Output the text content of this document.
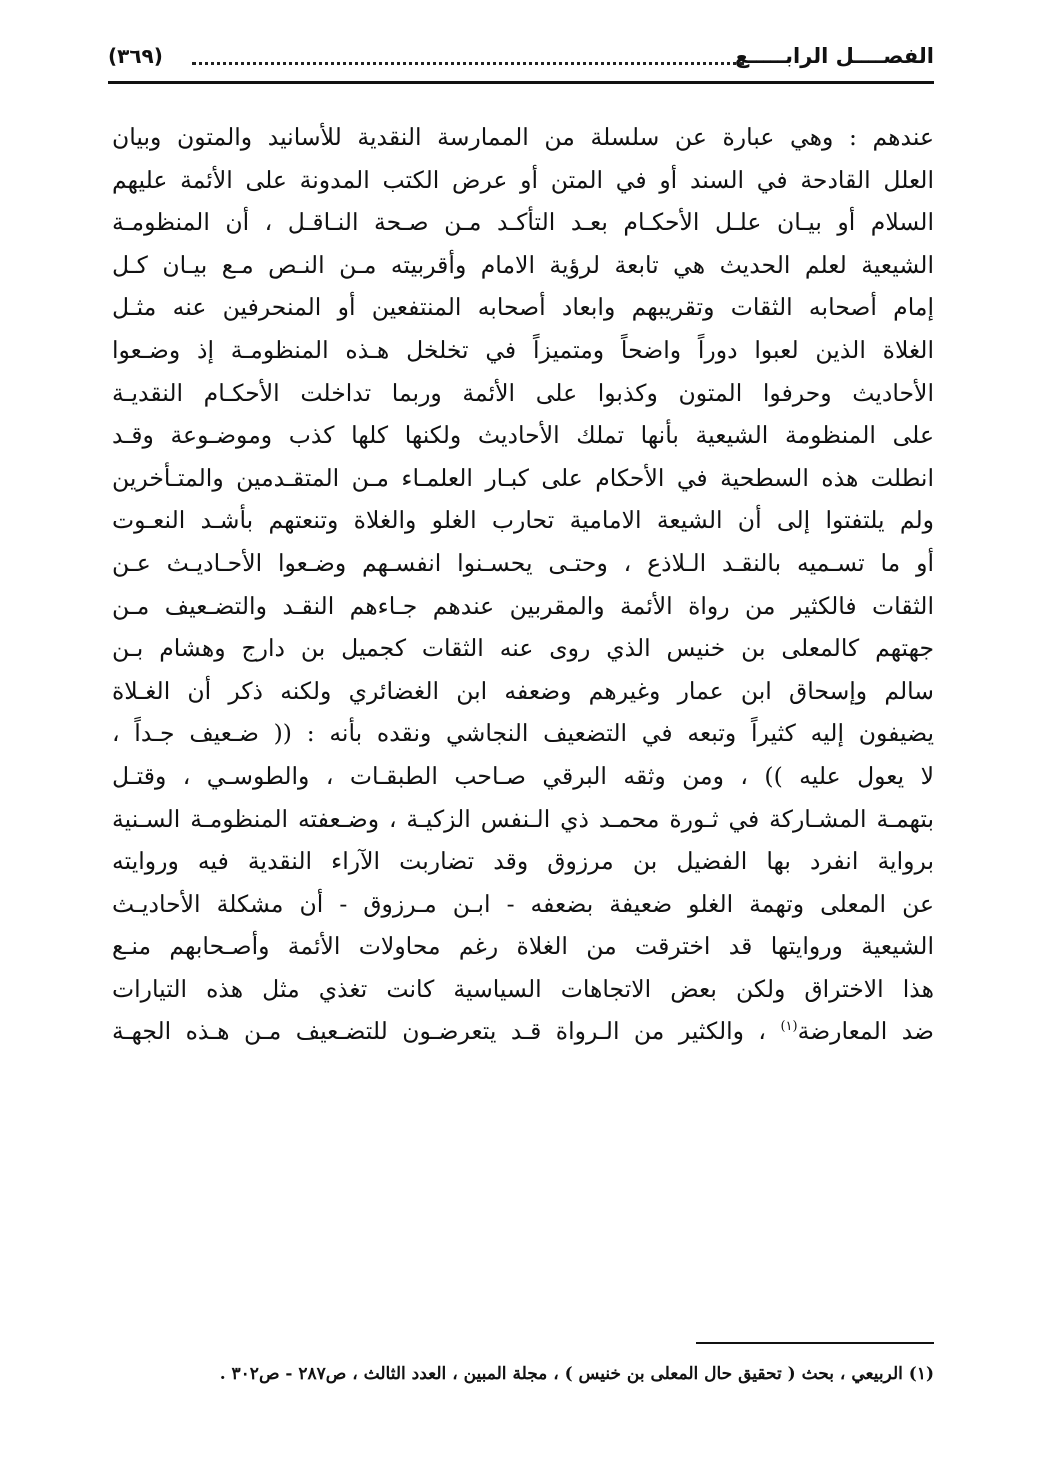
الفصــــل الرابـــــع
(٣٦٩)
عندهم : وهي عبارة عن سلسلة من الممارسة النقدية للأسانيد والمتون وبيان
العلل القادحة في السند أو في المتن أو عرض الكتب المدونة على الأئمة عليهم
السلام أو بيـان علـل الأحكـام بعـد التأكـد مـن صـحة النـاقـل ، أن المنظومـة
الشيعية لعلم الحديث هي تابعة لرؤية الامام وأقربيته مـن النـص مـع بيـان كـل
إمام أصحابه الثقات وتقريبهم وابعاد أصحابه المنتفعين أو المنحرفين عنه مثـل
الغلاة الذين لعبوا دوراً واضحاً ومتميزاً في تخلخل هـذه المنظومـة إذ وضـعوا
الأحاديث وحرفوا المتون وكذبوا على الأئمة وربما تداخلت الأحكـام النقديـة
على المنظومة الشيعية بأنها تملك الأحاديث ولكنها كلها كذب وموضـوعة وقـد
انطلت هذه السطحية في الأحكام على كبـار العلمـاء مـن المتقـدمين والمتـأخرين
ولم يلتفتوا إلى أن الشيعة الامامية تحارب الغلو والغلاة وتنعتهم بأشـد النعـوت
أو ما تسـميه بالنقـد الـلاذع ، وحتـى يحسـنوا انفسـهم وضـعوا الأحـاديـث عـن
الثقات فالكثير من رواة الأئمة والمقربين عندهم جـاءهم النقـد والتضـعيف مـن
جهتهم كالمعلى بن خنيس الذي روى عنه الثقات كجميل بن دارج وهشام بـن
سالم وإسحاق ابن عمار وغيرهم وضعفه ابن الغضائري ولكنه ذكر أن الغـلاة
يضيفون إليه كثيراً وتبعه في التضعيف النجاشي ونقده بأنه : (( ضـعيف جـداً ،
لا يعول عليه )) ، ومن وثقه البرقي صـاحب الطبقـات ، والطوسـي ، وقتـل
بتهمـة المشـاركة في ثـورة محمـد ذي الـنفس الزكيـة ، وضـعفته المنظومـة السـنية
برواية انفرد بها الفضيل بن مرزوق وقد تضاربت الآراء النقدية فيه وروايته
عن المعلى وتهمة الغلو ضعيفة بضعفه - ابـن مـرزوق - أن مشكلة الأحاديـث
الشيعية وروايتها قد اخترقت من الغلاة رغم محاولات الأئمة وأصـحابهم منـع
هذا الاختراق ولكن بعض الاتجاهات السياسية كانت تغذي مثل هذه التيارات
ضد المعارضة$^{(١)}$ ، والكثير من الـرواة قـد يتعرضـون للتضـعيف مـن هـذه الجهـة
(١) الربيعي ، بحث ( تحقيق حال المعلى بن خنيس ) ، مجلة المبين ، العدد الثالث ، ص٢٨٧ - ص٣٠٢ .
